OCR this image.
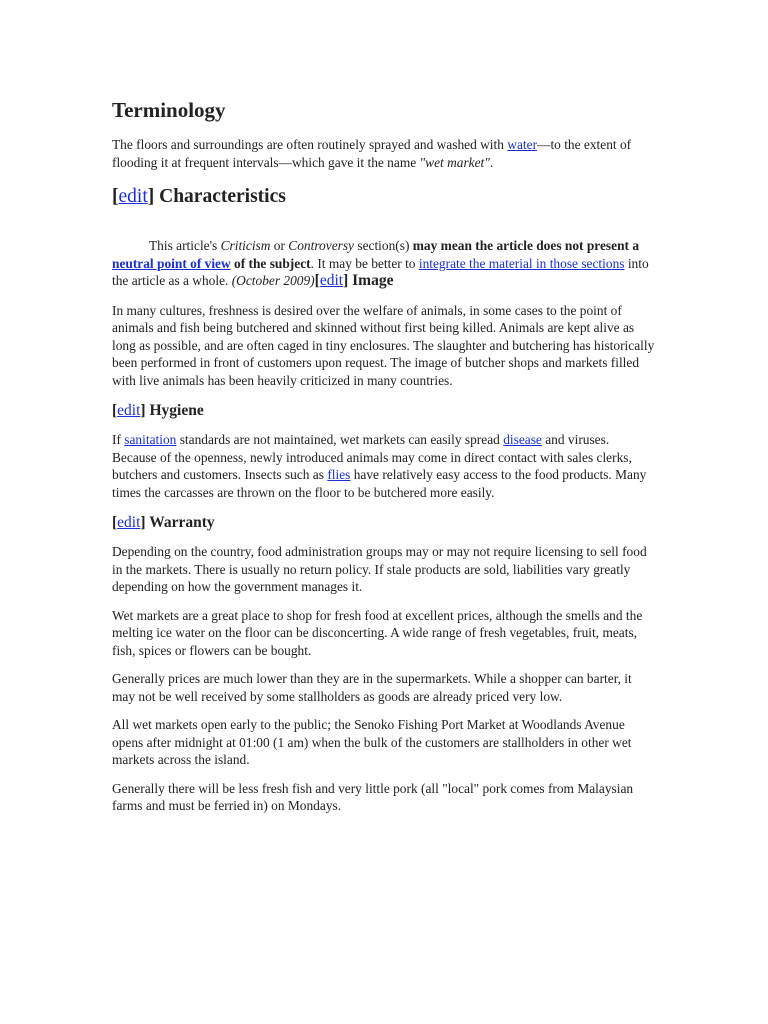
Terminology

The floors and surroundings are often routinely sprayed and washed with water—to the extent of flooding it at frequent intervals—which gave it the name "wet market".

[edit] Characteristics

This article's Criticism or Controversy section(s) may mean the article does not present a neutral point of view of the subject. It may be better to integrate the material in those sections into the article as a whole. (October 2009)[edit] Image

In many cultures, freshness is desired over the welfare of animals, in some cases to the point of animals and fish being butchered and skinned without first being killed. Animals are kept alive as long as possible, and are often caged in tiny enclosures. The slaughter and butchering has historically been performed in front of customers upon request. The image of butcher shops and markets filled with live animals has been heavily criticized in many countries.

[edit] Hygiene

If sanitation standards are not maintained, wet markets can easily spread disease and viruses. Because of the openness, newly introduced animals may come in direct contact with sales clerks, butchers and customers. Insects such as flies have relatively easy access to the food products. Many times the carcasses are thrown on the floor to be butchered more easily.

[edit] Warranty

Depending on the country, food administration groups may or may not require licensing to sell food in the markets. There is usually no return policy. If stale products are sold, liabilities vary greatly depending on how the government manages it.

Wet markets are a great place to shop for fresh food at excellent prices, although the smells and the melting ice water on the floor can be disconcerting. A wide range of fresh vegetables, fruit, meats, fish, spices or flowers can be bought.

Generally prices are much lower than they are in the supermarkets. While a shopper can barter, it may not be well received by some stallholders as goods are already priced very low.

All wet markets open early to the public; the Senoko Fishing Port Market at Woodlands Avenue opens after midnight at 01:00 (1 am) when the bulk of the customers are stallholders in other wet markets across the island.

Generally there will be less fresh fish and very little pork (all "local" pork comes from Malaysian farms and must be ferried in) on Mondays.
